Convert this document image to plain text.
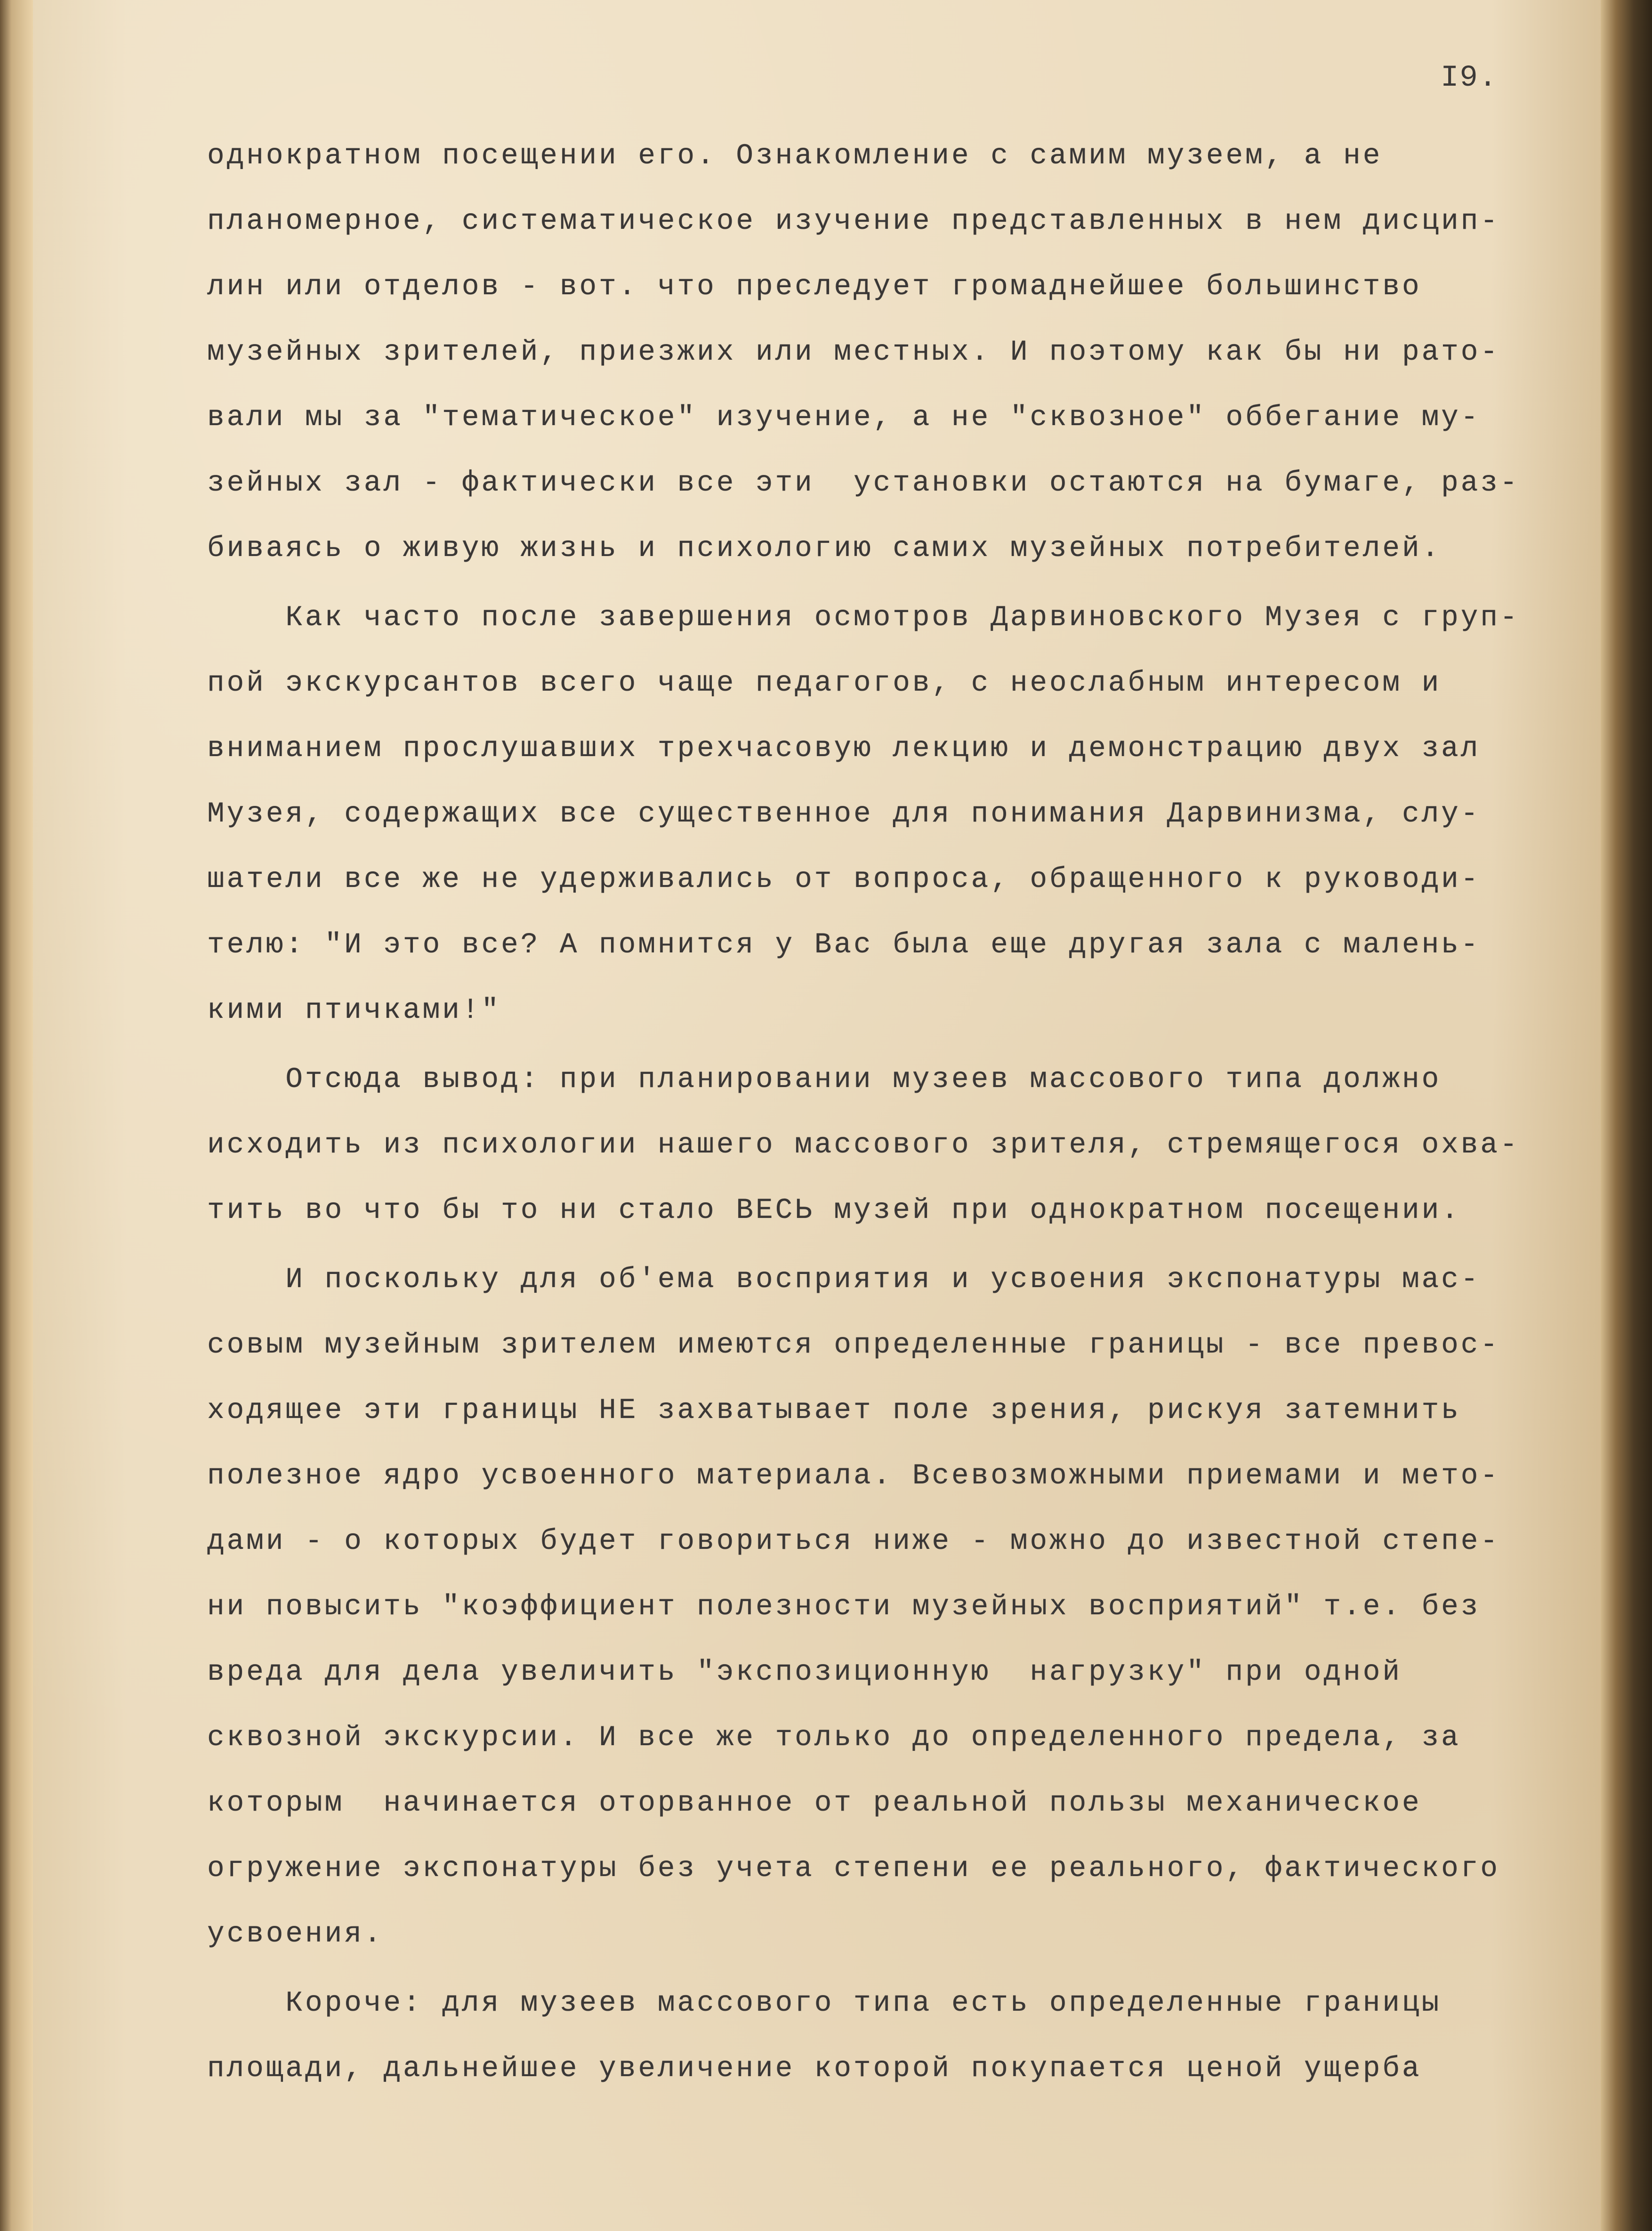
I9.
однократном посещении его. Ознакомление с самим музеем, а не
планомерное, систематическое изучение представленных в нем дисцип-
лин или отделов - вот. что преследует громаднейшее большинство
музейных зрителей, приезжих или местных. И поэтому как бы ни рато-
вали мы за "тематическое" изучение, а не "сквозное" оббегание му-
зейных зал - фактически все эти  установки остаются на бумаге, раз-
биваясь о живую жизнь и психологию самих музейных потребителей.
Как часто после завершения осмотров Дарвиновского Музея с груп-
пой экскурсантов всего чаще педагогов, с неослабным интересом и
вниманием прослушавших трехчасовую лекцию и демонстрацию двух зал
Музея, содержащих все существенное для понимания Дарвинизма, слу-
шатели все же не удерживались от вопроса, обращенного к руководи-
телю: "И это все? А помнится у Вас была еще другая зала с малень-
кими птичками!"
Отсюда вывод: при планировании музеев массового типа должно
исходить из психологии нашего массового зрителя, стремящегося охва-
тить во что бы то ни стало ВЕСЬ музей при однократном посещении.
И поскольку для об'ема восприятия и усвоения экспонатуры мас-
совым музейным зрителем имеются определенные границы - все превос-
ходящее эти границы НЕ захватывает поле зрения, рискуя затемнить
полезное ядро усвоенного материала. Всевозможными приемами и мето-
дами - о которых будет говориться ниже - можно до известной степе-
ни повысить "коэффициент полезности музейных восприятий" т.е. без
вреда для дела увеличить "экспозиционную  нагрузку" при одной
сквозной экскурсии. И все же только до определенного предела, за
которым  начинается оторванное от реальной пользы механическое
огружение экспонатуры без учета степени ее реального, фактического
усвоения.
Короче: для музеев массового типа есть определенные границы
площади, дальнейшее увеличение которой покупается ценой ущерба
